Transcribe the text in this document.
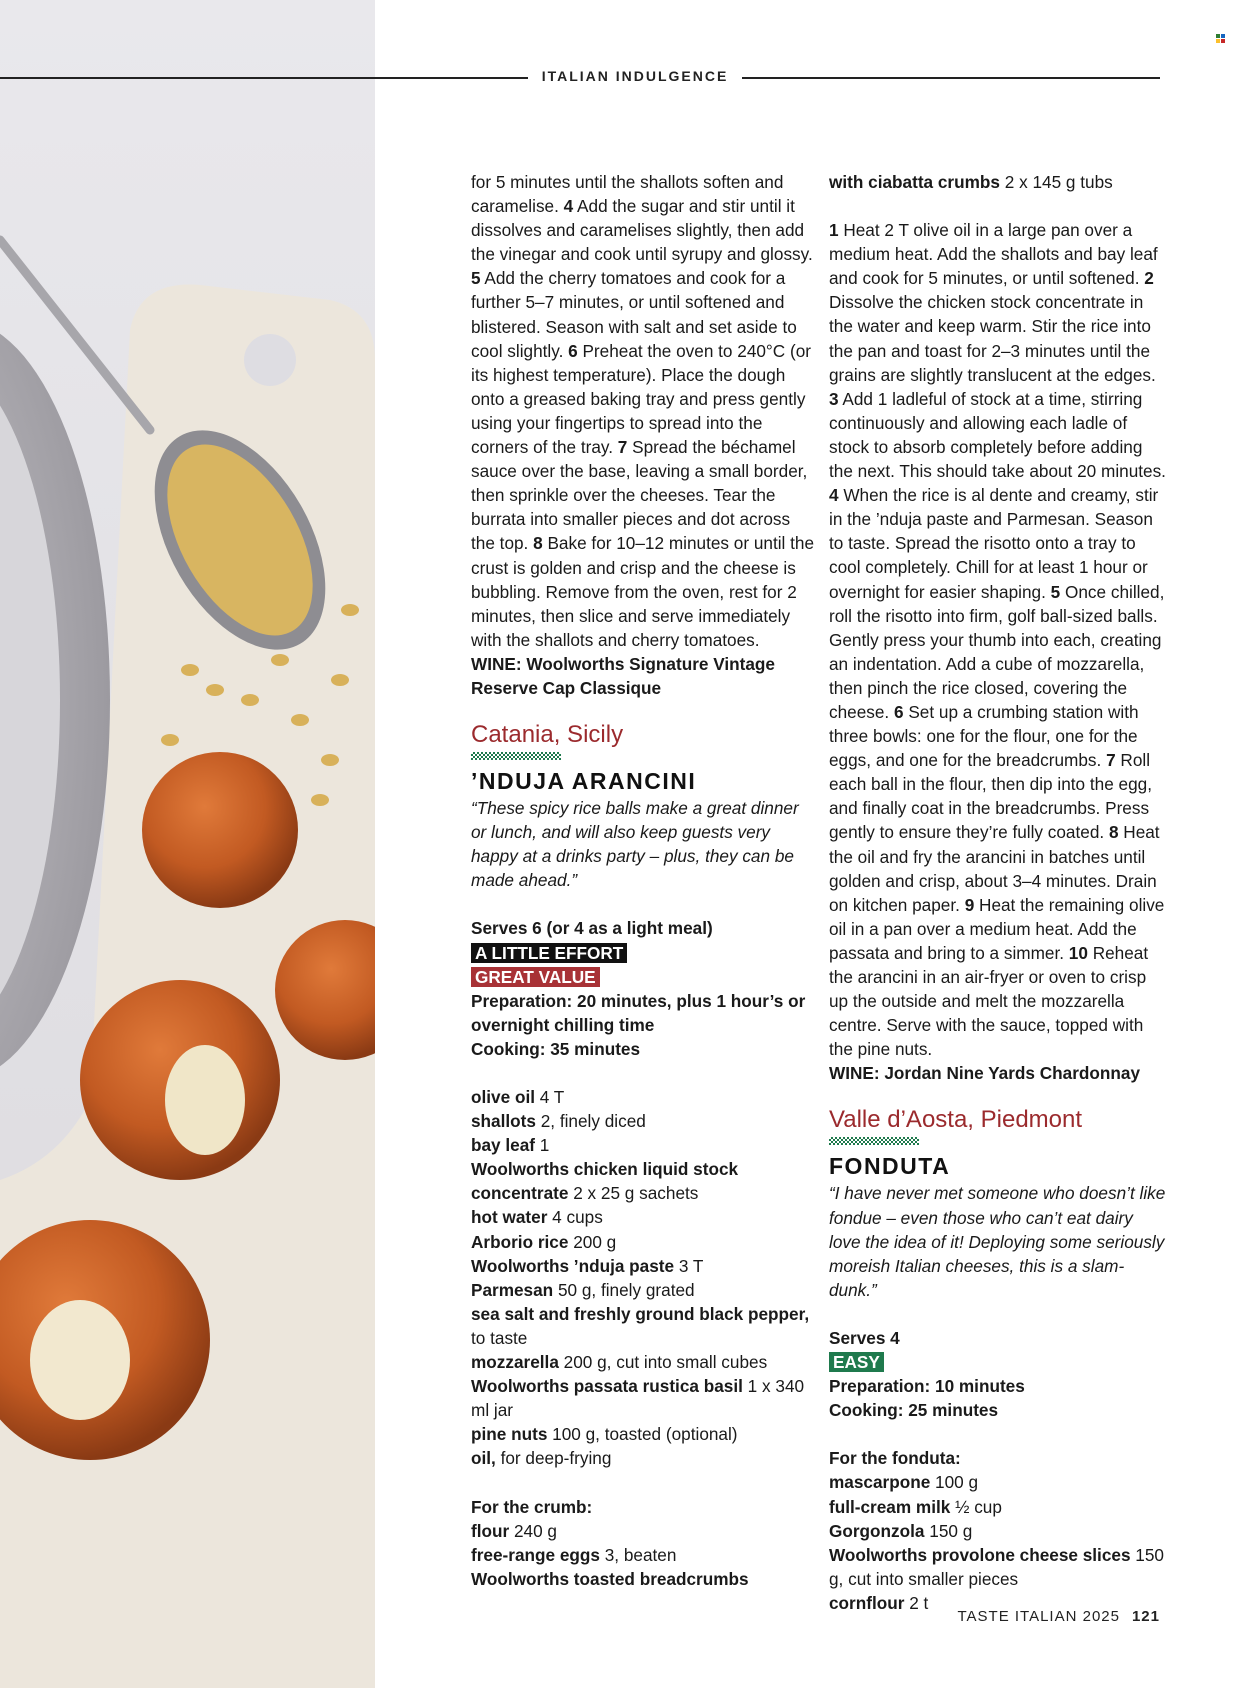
ITALIAN INDULGENCE

for 5 minutes until the shallots soften and caramelise. 4 Add the sugar and stir until it dissolves and caramelises slightly, then add the vinegar and cook until syrupy and glossy. 5 Add the cherry tomatoes and cook for a further 5–7 minutes, or until softened and blistered. Season with salt and set aside to cool slightly. 6 Preheat the oven to 240°C (or its highest temperature). Place the dough onto a greased baking tray and press gently using your fingertips to spread into the corners of the tray. 7 Spread the béchamel sauce over the base, leaving a small border, then sprinkle over the cheeses. Tear the burrata into smaller pieces and dot across the top. 8 Bake for 10–12 minutes or until the crust is golden and crisp and the cheese is bubbling. Remove from the oven, rest for 2 minutes, then slice and serve immediately with the shallots and cherry tomatoes.

WINE: Woolworths Signature Vintage Reserve Cap Classique

Catania, Sicily
’NDUJA ARANCINI

“These spicy rice balls make a great dinner or lunch, and will also keep guests very happy at a drinks party – plus, they can be made ahead.”

Serves 6 (or 4 as a light meal)

A LITTLE EFFORT
GREAT VALUE

Preparation: 20 minutes, plus 1 hour’s or overnight chilling time

Cooking: 35 minutes

olive oil 4 T

shallots 2, finely diced

bay leaf 1

Woolworths chicken liquid stock concentrate 2 x 25 g sachets

hot water 4 cups

Arborio rice 200 g

Woolworths ’nduja paste 3 T

Parmesan 50 g, finely grated

sea salt and freshly ground black pepper, to taste

mozzarella 200 g, cut into small cubes

Woolworths passata rustica basil 1 x 340 ml jar

pine nuts 100 g, toasted (optional)

oil, for deep-frying

For the crumb:

flour 240 g

free-range eggs 3, beaten

Woolworths toasted breadcrumbs

with ciabatta crumbs 2 x 145 g tubs

1 Heat 2 T olive oil in a large pan over a medium heat. Add the shallots and bay leaf and cook for 5 minutes, or until softened. 2 Dissolve the chicken stock concentrate in the water and keep warm. Stir the rice into the pan and toast for 2–3 minutes until the grains are slightly translucent at the edges. 3 Add 1 ladleful of stock at a time, stirring continuously and allowing each ladle of stock to absorb completely before adding the next. This should take about 20 minutes. 4 When the rice is al dente and creamy, stir in the ’nduja paste and Parmesan. Season to taste. Spread the risotto onto a tray to cool completely. Chill for at least 1 hour or overnight for easier shaping. 5 Once chilled, roll the risotto into firm, golf ball-sized balls. Gently press your thumb into each, creating an indentation. Add a cube of mozzarella, then pinch the rice closed, covering the cheese. 6 Set up a crumbing station with three bowls: one for the flour, one for the eggs, and one for the breadcrumbs. 7 Roll each ball in the flour, then dip into the egg, and finally coat in the breadcrumbs. Press gently to ensure they’re fully coated. 8 Heat the oil and fry the arancini in batches until golden and crisp, about 3–4 minutes. Drain on kitchen paper. 9 Heat the remaining olive oil in a pan over a medium heat. Add the passata and bring to a simmer. 10 Reheat the arancini in an air-fryer or oven to crisp up the outside and melt the mozzarella centre. Serve with the sauce, topped with the pine nuts.

WINE: Jordan Nine Yards Chardonnay

Valle d’Aosta, Piedmont
FONDUTA

“I have never met someone who doesn’t like fondue – even those who can’t eat dairy love the idea of it! Deploying some seriously moreish Italian cheeses, this is a slam-dunk.”

Serves 4

EASY

Preparation: 10 minutes

Cooking: 25 minutes

For the fonduta:

mascarpone 100 g

full-cream milk ½ cup

Gorgonzola 150 g

Woolworths provolone cheese slices 150 g, cut into smaller pieces

cornflour 2 t

TASTE ITALIAN 2025 121
